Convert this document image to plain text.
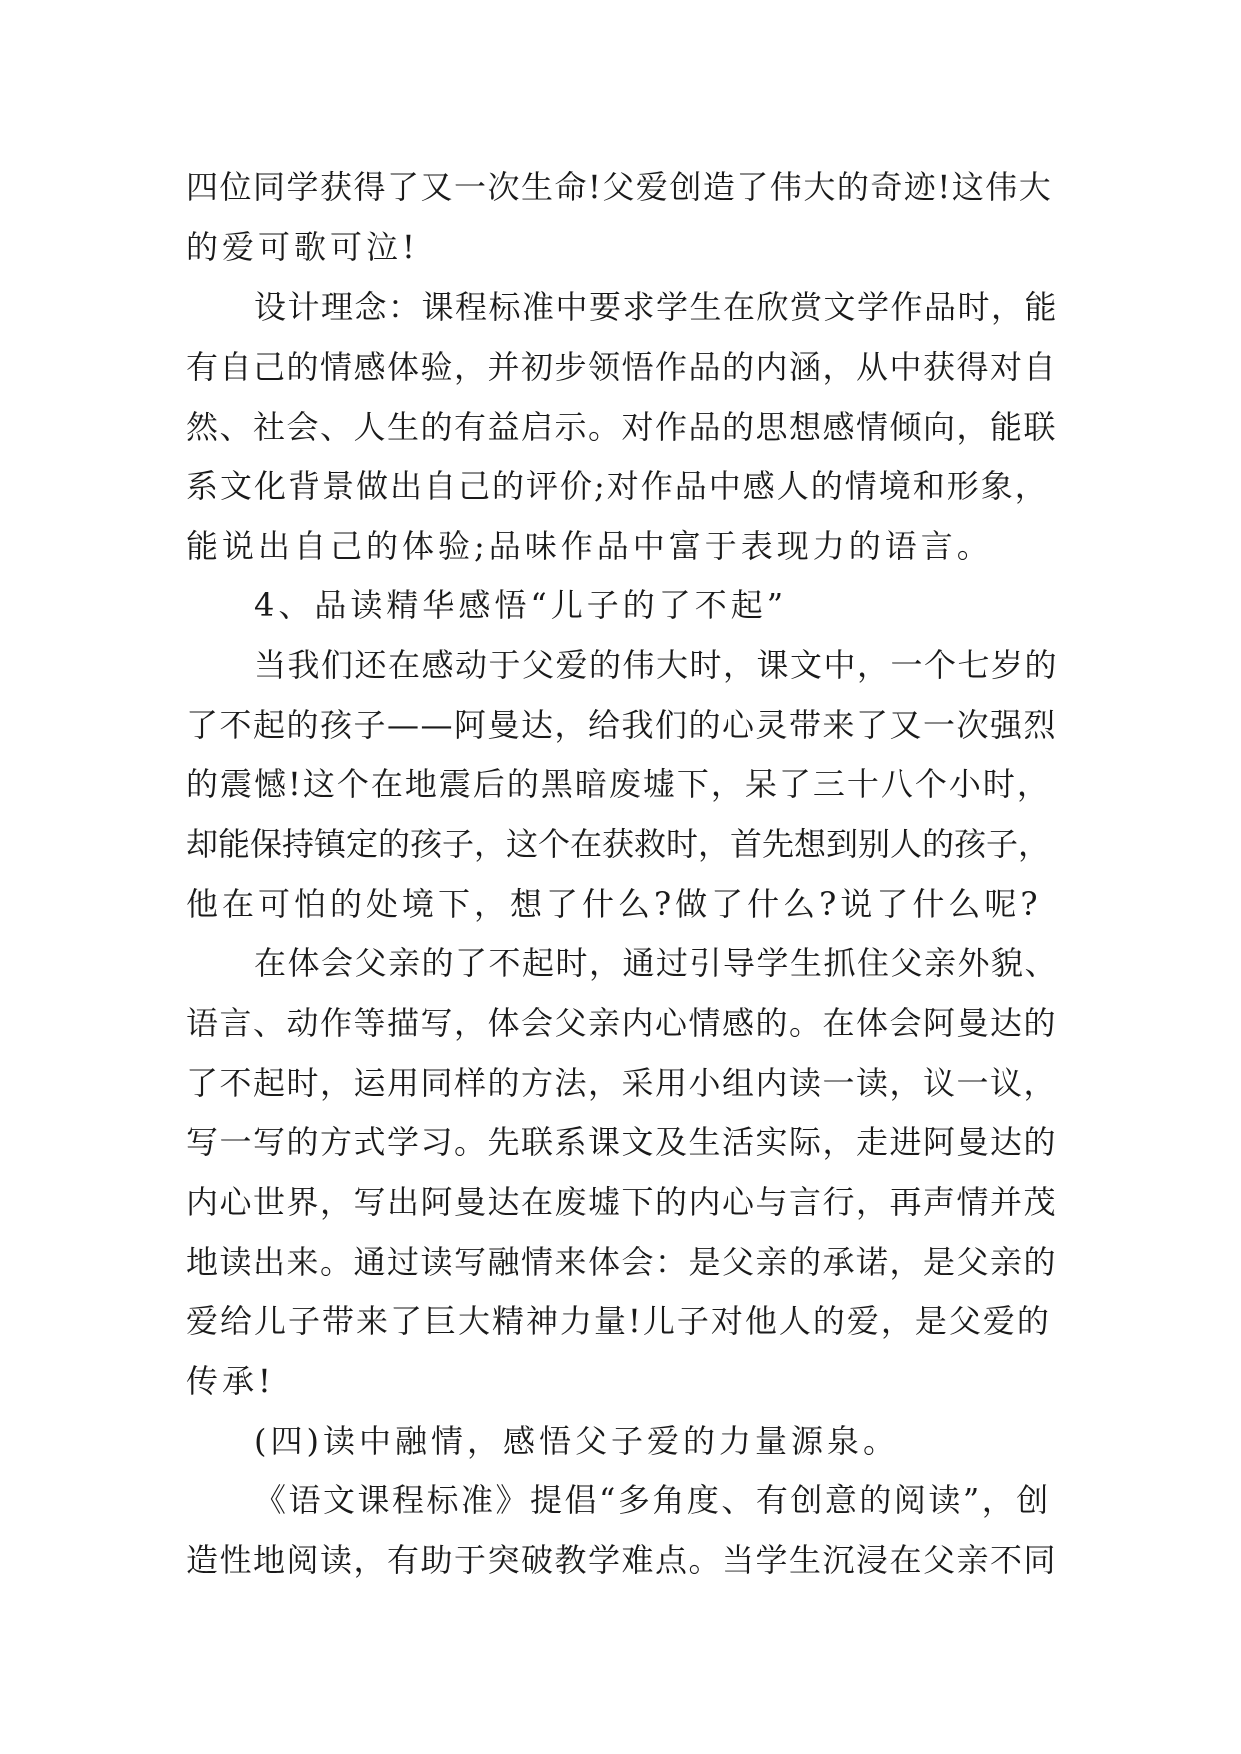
四位同学获得了又一次生命!父爱创造了伟大的奇迹!这伟大
的爱可歌可泣!
设计理念：课程标准中要求学生在欣赏文学作品时，能
有自己的情感体验，并初步领悟作品的内涵，从中获得对自
然、社会、人生的有益启示。对作品的思想感情倾向，能联
系文化背景做出自己的评价;对作品中感人的情境和形象，
能说出自己的体验;品味作品中富于表现力的语言。
4、品读精华感悟“儿子的了不起”
当我们还在感动于父爱的伟大时，课文中，一个七岁的
了不起的孩子——阿曼达，给我们的心灵带来了又一次强烈
的震憾!这个在地震后的黑暗废墟下，呆了三十八个小时，
却能保持镇定的孩子，这个在获救时，首先想到别人的孩子，
他在可怕的处境下，想了什么?做了什么?说了什么呢?
在体会父亲的了不起时，通过引导学生抓住父亲外貌、
语言、动作等描写，体会父亲内心情感的。在体会阿曼达的
了不起时，运用同样的方法，采用小组内读一读，议一议，
写一写的方式学习。先联系课文及生活实际，走进阿曼达的
内心世界，写出阿曼达在废墟下的内心与言行，再声情并茂
地读出来。通过读写融情来体会：是父亲的承诺，是父亲的
爱给儿子带来了巨大精神力量!儿子对他人的爱，是父爱的
传承!
(四)读中融情，感悟父子爱的力量源泉。
《语文课程标准》提倡“多角度、有创意的阅读”，创
造性地阅读，有助于突破教学难点。当学生沉浸在父亲不同
